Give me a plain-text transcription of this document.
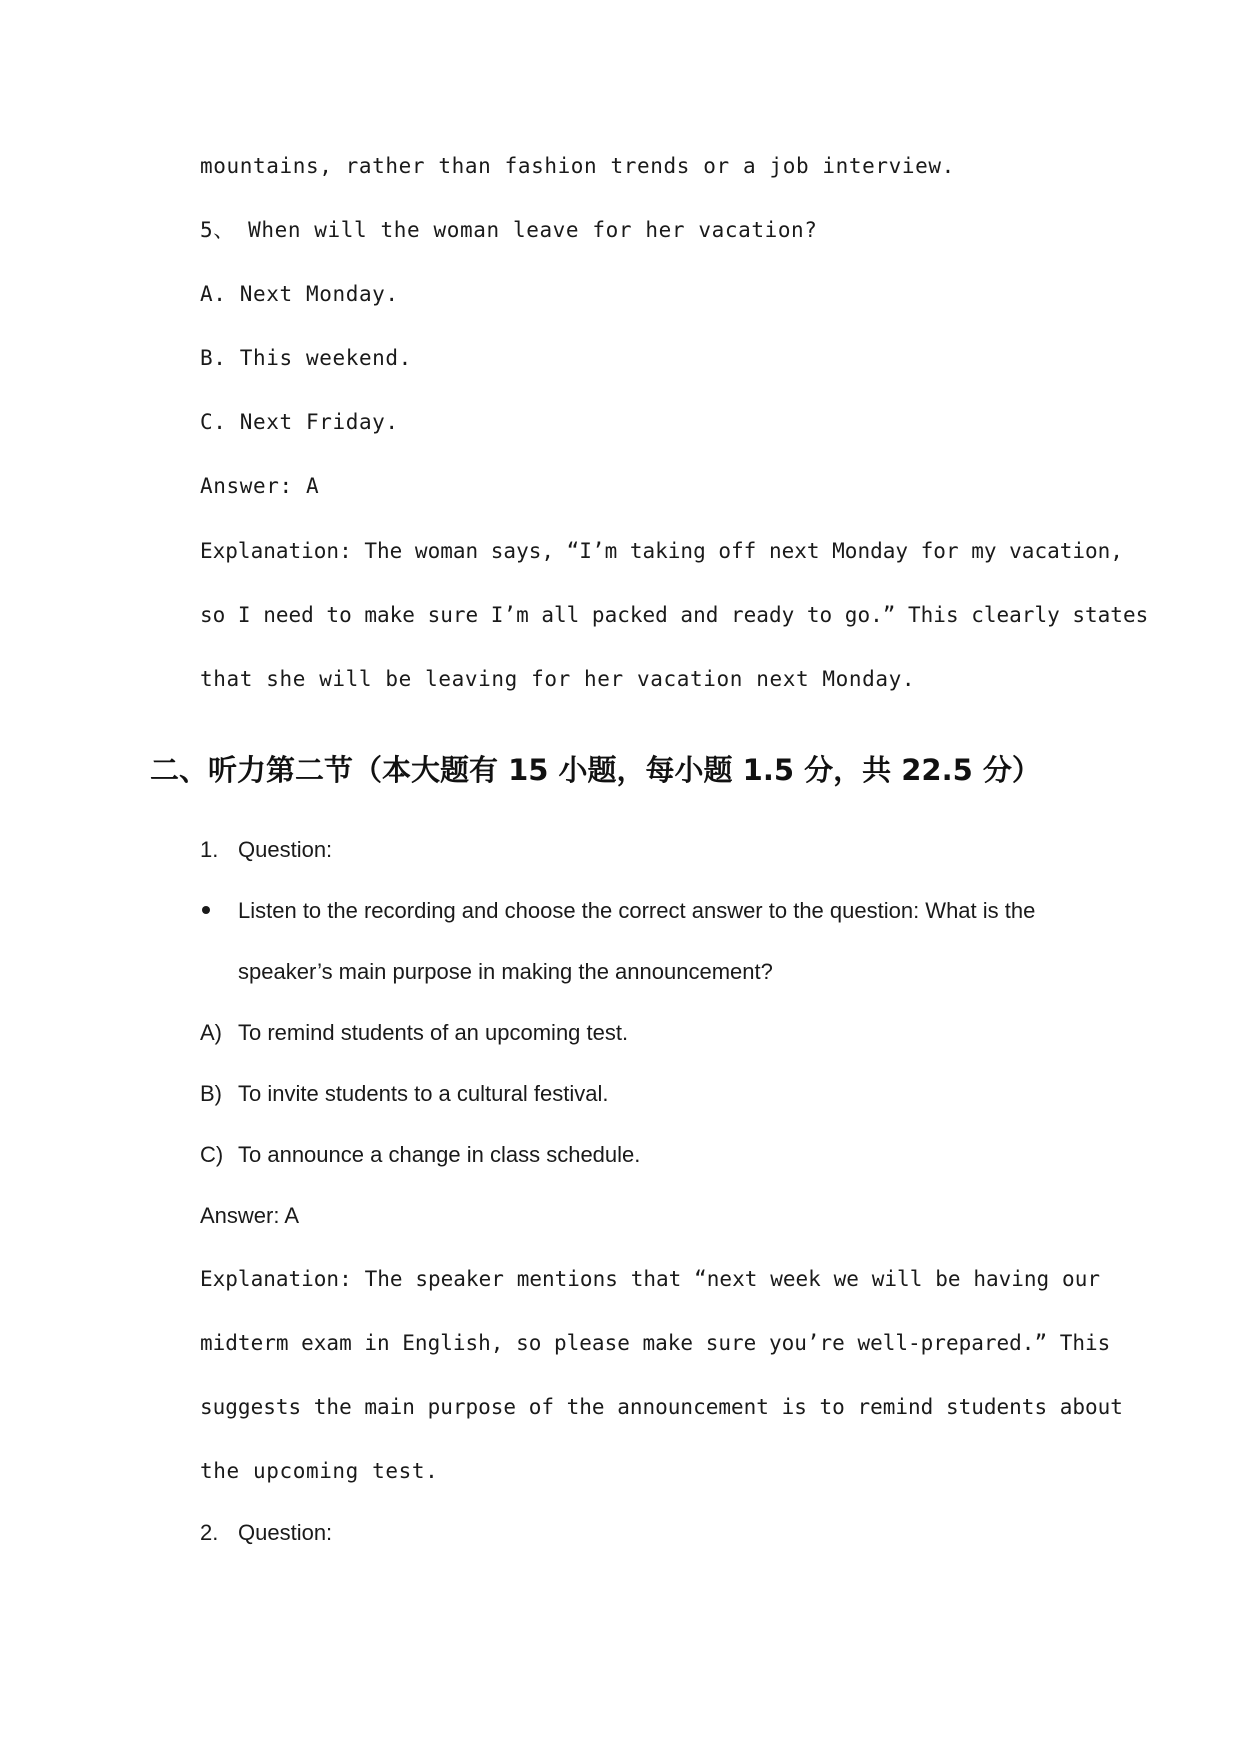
mountains, rather than fashion trends or a job interview.
5、 When will the woman leave for her vacation?
A. Next Monday.
B. This weekend.
C. Next Friday.
Answer: A
Explanation: The woman says, “I’m taking off next Monday for my vacation,
so I need to make sure I’m all packed and ready to go.” This clearly states
that she will be leaving for her vacation next Monday.
二、听力第二节（本大题有 15 小题，每小题 1.5 分，共 22.5 分）
1. Question:
Listen to the recording and choose the correct answer to the question: What is the
speaker’s main purpose in making the announcement?
A) To remind students of an upcoming test.
B) To invite students to a cultural festival.
C) To announce a change in class schedule.
Answer: A
Explanation: The speaker mentions that “next week we will be having our
midterm exam in English, so please make sure you’re well-prepared.” This
suggests the main purpose of the announcement is to remind students about
the upcoming test.
2. Question:
